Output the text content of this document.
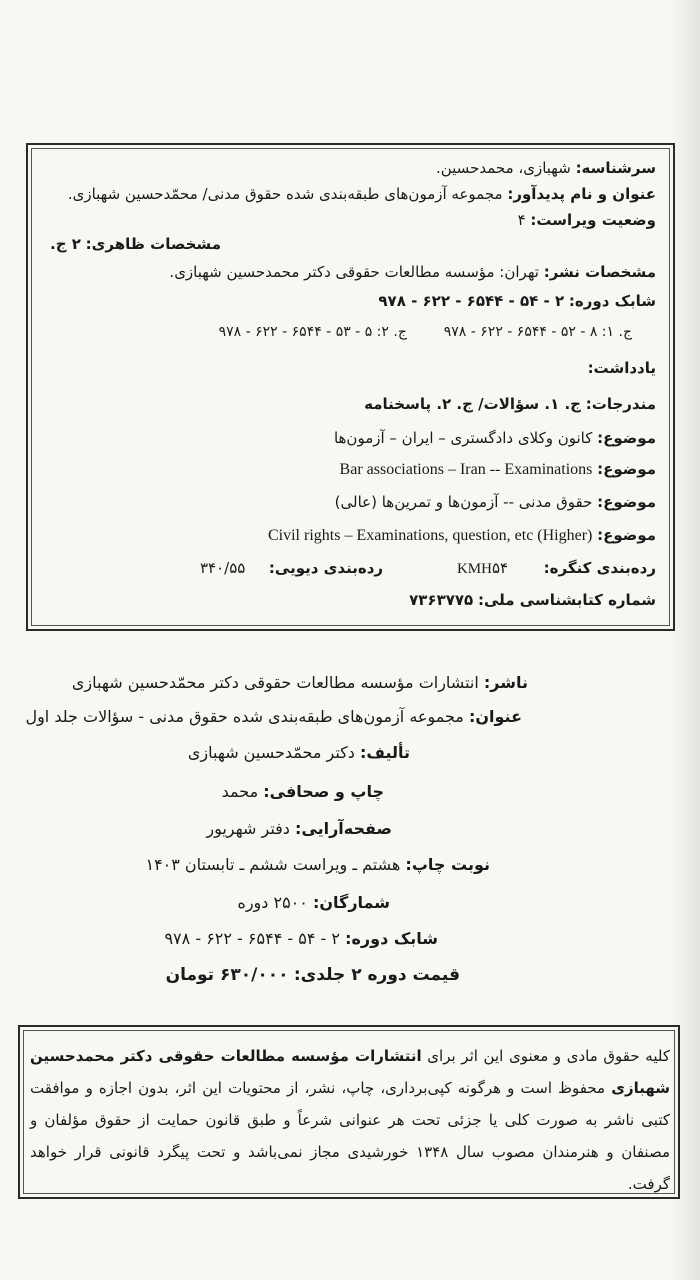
سرشناسه: شهبازی، محمدحسین.
عنوان و نام پدیدآور: مجموعه آزمون‌های طبقه‌بندی شده حقوق مدنی/ محمّدحسین شهبازی.
وضعیت ویراست: ۴
مشخصات ظاهری: ۲ ج.
مشخصات نشر: تهران: مؤسسه مطالعات حقوقی دکتر محمدحسین شهبازی.
شابک دوره: ۲ - ۵۴ - ۶۵۴۴ - ۶۲۲ - ۹۷۸
ج. ۱: ۸ - ۵۲ - ۶۵۴۴ - ۶۲۲ - ۹۷۸  ج. ۲: ۵ - ۵۳ - ۶۵۴۴ - ۶۲۲ - ۹۷۸
یادداشت:
مندرجات: ج. ۱. سؤالات/ ج. ۲. پاسخنامه
موضوع: کانون وکلای دادگستری – ایران – آزمون‌ها
موضوع: Bar associations – Iran -- Examinations
موضوع: حقوق مدنی -- آزمون‌ها و تمرین‌ها (عالی)
موضوع: Civil rights – Examinations, question, etc (Higher)
رده‌بندی کنگره:  KMH۵۴
رده‌بندی دیویی:  ۳۴۰/۵۵
شماره کتابشناسی ملی: ۷۳۶۳۷۷۵
ناشر: انتشارات مؤسسه مطالعات حقوقی دکتر محمّدحسین شهبازی
عنوان: مجموعه آزمون‌های طبقه‌بندی شده حقوق مدنی - سؤالات جلد اول
تألیف: دکتر محمّدحسین شهبازی
چاپ و صحافی: محمد
صفحه‌آرایی: دفتر شهریور
نوبت چاپ: هشتم ـ ویراست ششم ـ تابستان ۱۴۰۳
شمارگان: ۲۵۰۰ دوره
شابک دوره: ۲ - ۵۴ - ۶۵۴۴ - ۶۲۲ - ۹۷۸
قیمت دوره ۲ جلدی: ۶۳۰/۰۰۰ تومان
کلیه حقوق مادی و معنوی این اثر برای انتشارات مؤسسه مطالعات حقوقی دکتر محمدحسین شهبازی محفوظ است و هرگونه کپی‌برداری، چاپ، نشر، از محتویات این اثر، بدون اجازه و موافقت کتبی ناشر به صورت کلی یا جزئی تحت هر عنوانی شرعاً و طبق قانون حمایت از حقوق مؤلفان و مصنفان و هنرمندان مصوب سال ۱۳۴۸ خورشیدی مجاز نمی‌باشد و تحت پیگرد قانونی قرار خواهد گرفت.
